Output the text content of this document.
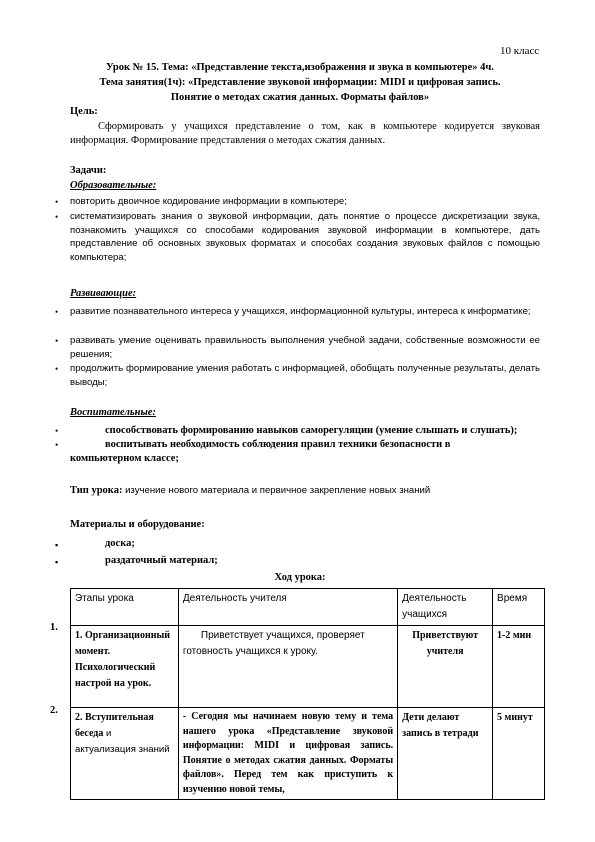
10 класс
Урок № 15. Тема: «Представление текста,изображения и звука в компьютере» 4ч.
Тема занятия(1ч): «Представление звуковой информации: MIDI и цифровая запись.
Понятие о методах сжатия данных. Форматы файлов»
Цель:
Сформировать у учащихся представление о том, как в компьютере кодируется звуковая информация. Формирование представления о методах сжатия данных.
Задачи:
Образовательные:
• повторить двоичное кодирование информации в компьютере;
• систематизировать знания о звуковой информации, дать понятие о процессе дискретизации звука, познакомить учащихся со способами кодирования звуковой информации в компьютере, дать представление об основных звуковых форматах и способах создания звуковых файлов с помощью компьютера;
Развивающие:
• развитие познавательного интереса у учащихся, информационной культуры, интереса к информатике;
• развивать умение оценивать правильность выполнения учебной задачи, собственные возможности ее решения;
• продолжить формирование умения работать с информацией, обобщать полученные результаты, делать выводы;
Воспитательные:
•	способствовать формированию навыков саморегуляции (умение слышать и слушать);
•	воспитывать необходимость соблюдения правил техники безопасности в компьютерном классе;
Тип урока: изучение нового материала и первичное закрепление новых знаний
Материалы и оборудование:
▪	доска;
▪	раздаточный материал;
Ход урока:
1.
2.
Этапы урока	Деятельность учителя	Деятельность учащихся	Время
1. Организационный момент. Психологический настрой на урок.	Приветствует учащихся, проверяет готовность учащихся к уроку.	Приветствуют учителя	1-2 мин
2. Вступительная беседа и актуализация знаний	- Сегодня мы начинаем новую тему и тема нашего урока «Представление звуковой информации: MIDI и цифровая запись. Понятие о методах сжатия данных. Форматы файлов». Перед тем как приступить к изучению новой темы,	Дети делают запись в тетради	5 минут
